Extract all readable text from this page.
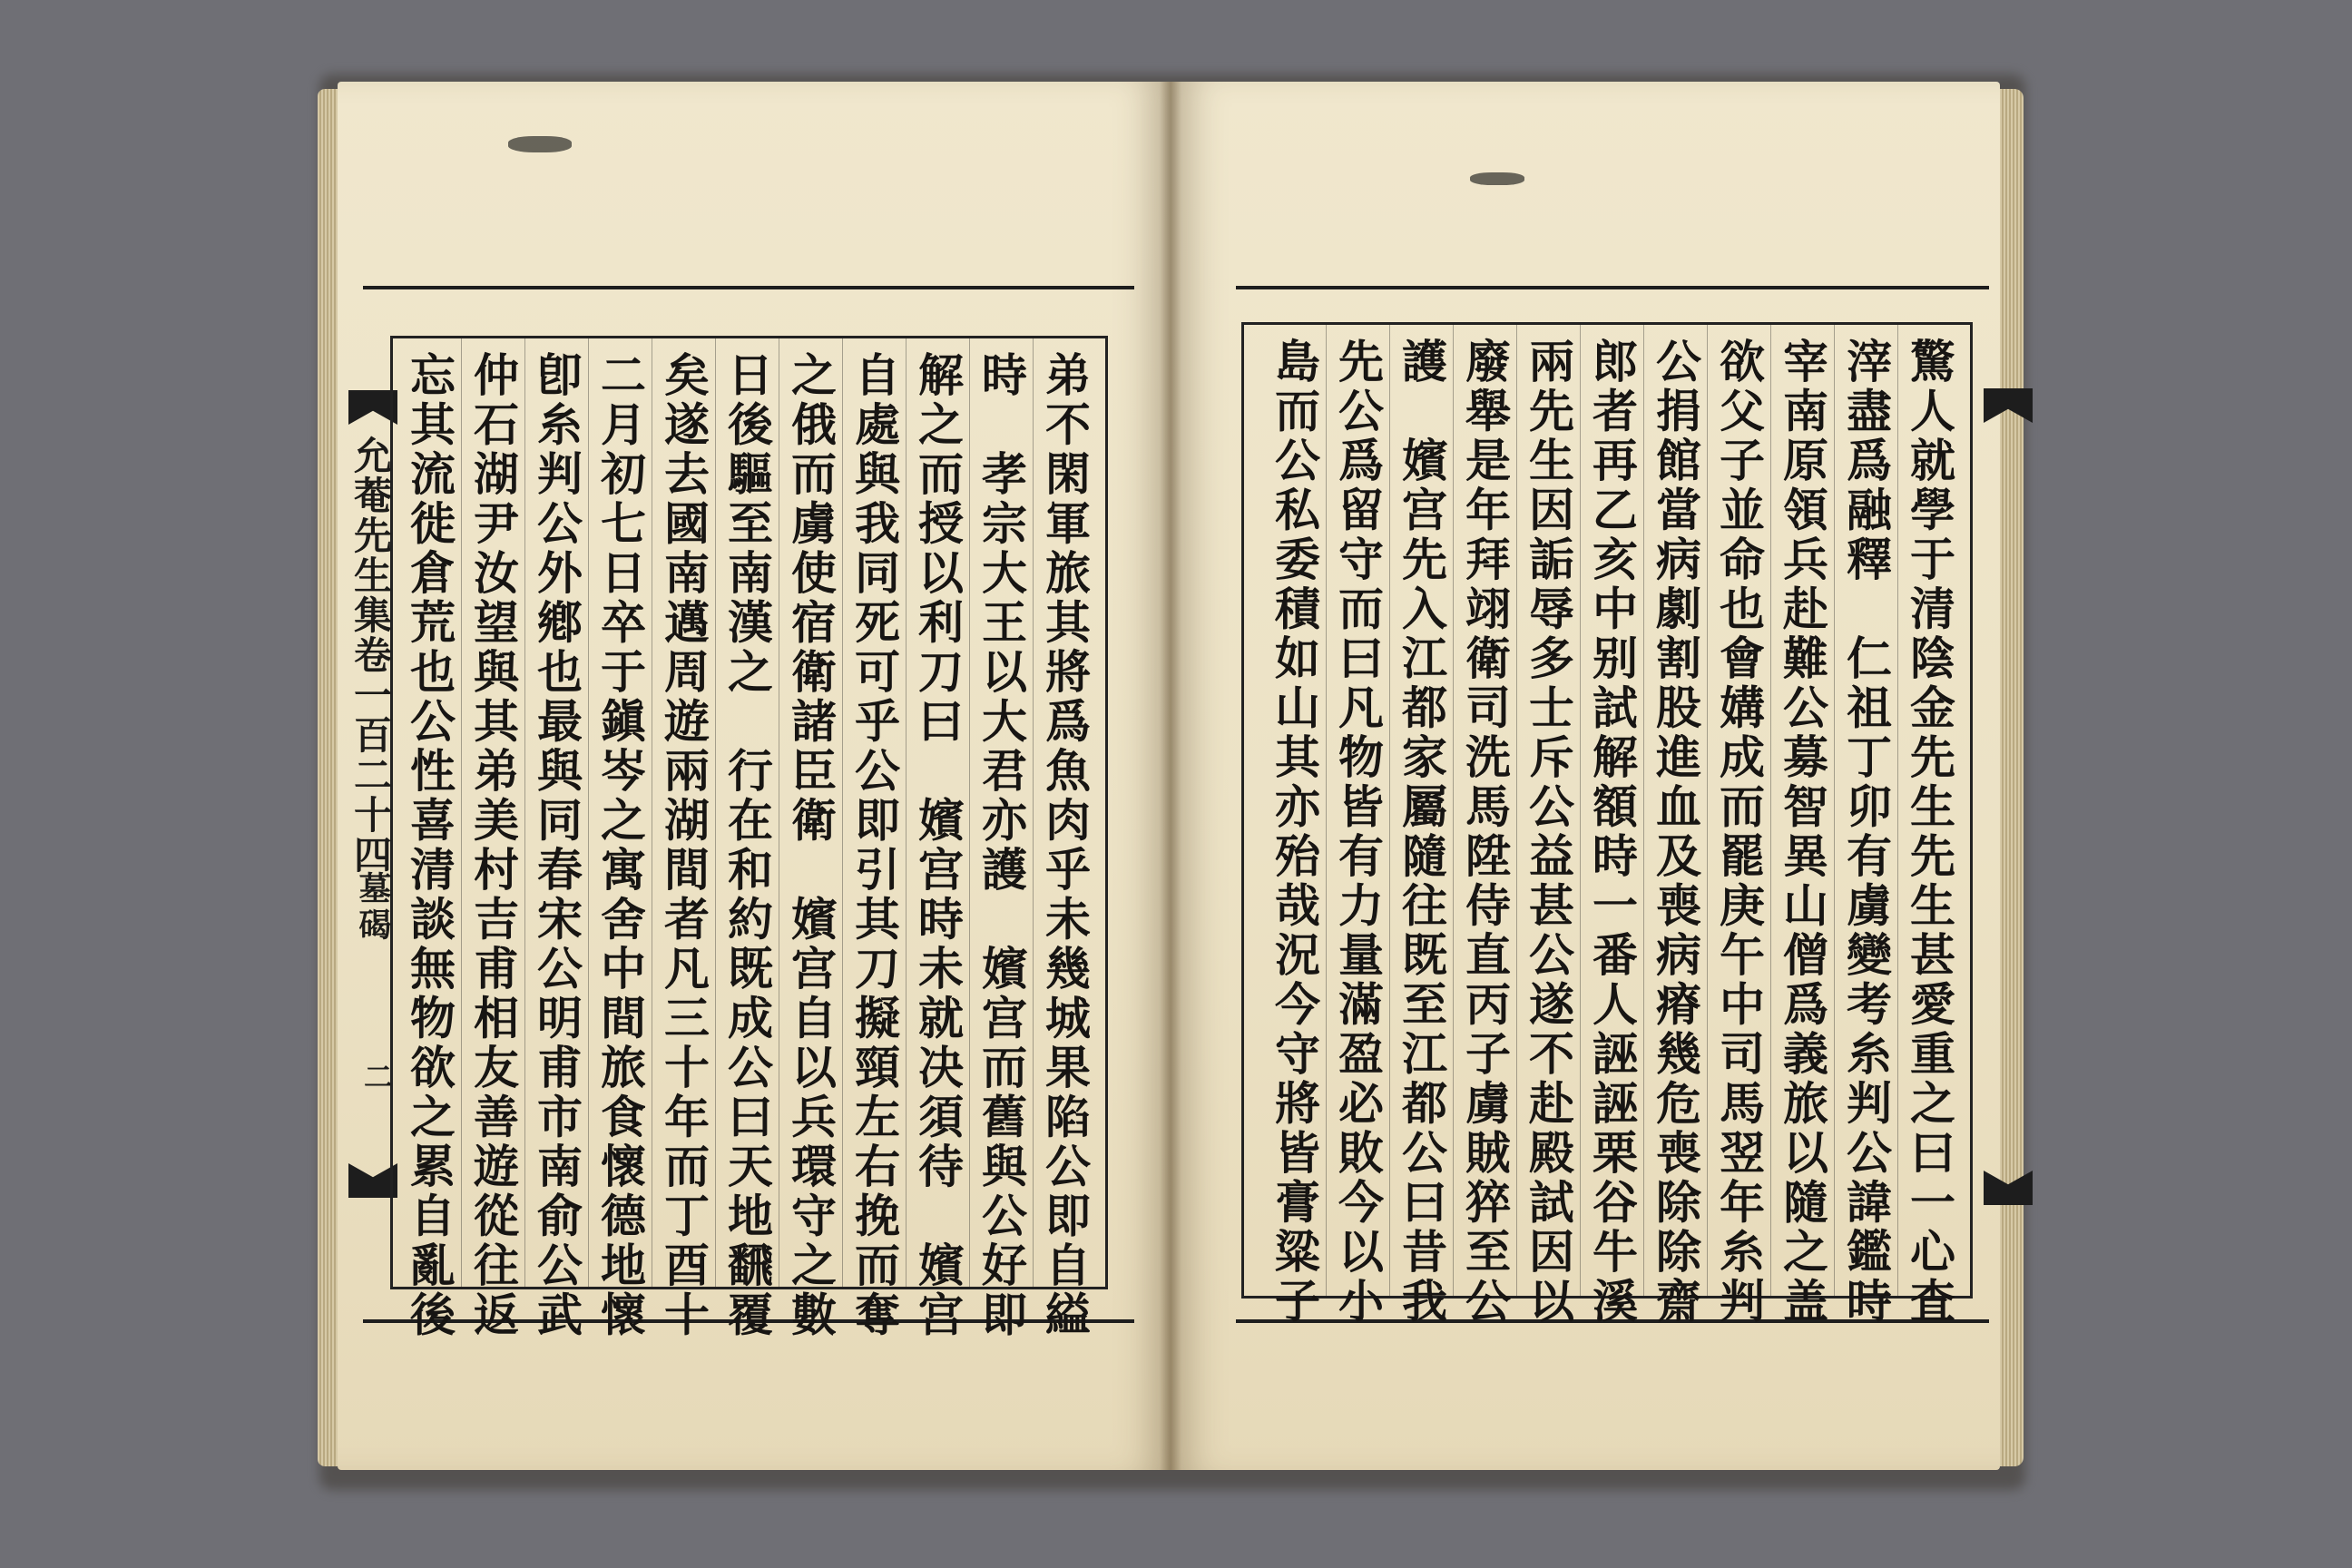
允菴先生集卷一百二十四
墓碣
二	弟不閑軍旅其將爲魚肉乎未幾城果陷公即自縊
時　孝宗大王以大君亦護　嬪宫而舊與公好即
解之而授以利刀曰　嬪宫時未就决須待　嬪宫
自處與我同死可乎公即引其刀擬頸左右挽而奪
之俄而虜使宿衛諸臣衛　嬪宫自以兵環守之數
日後驅至南漢之　行在和約既成公曰天地飜覆
矣遂去國南邁周遊兩湖間者凡三十年而丁酉十
二月初七日卒于鎭岑之寓舍中間旅食懷德地懷
卽糸判公外鄕也最與同春宋公明甫市南俞公武
仲石湖尹汝望與其弟美村吉甫相友善遊從往返
忘其流徙倉荒也公性喜清談無物欲之累自亂後	驚人就學于清陰金先生先生甚愛重之曰一心査
滓盡爲融釋　仁祖丁卯有虜變考糸判公諱鑑時
宰南原領兵赴難公募智異山僧爲義旅以隨之盖
欲父子並命也會媾成而罷庚午中司馬翌年糸判
公捐館當病劇割股進血及喪病瘠幾危喪除除齋
郎者再乙亥中别試解額時一番人誣誣栗谷牛溪
兩先生因詬辱多士斥公益甚公遂不赴殿試因以
廢舉是年拜翊衛司洗馬陞侍直丙子虜賊猝至公
護　嬪宫先入江都家屬隨往既至江都公曰昔我
先公爲留守而曰凡物皆有力量滿盈必敗今以小
島而公私委積如山其亦殆哉況今守將皆膏粱子
